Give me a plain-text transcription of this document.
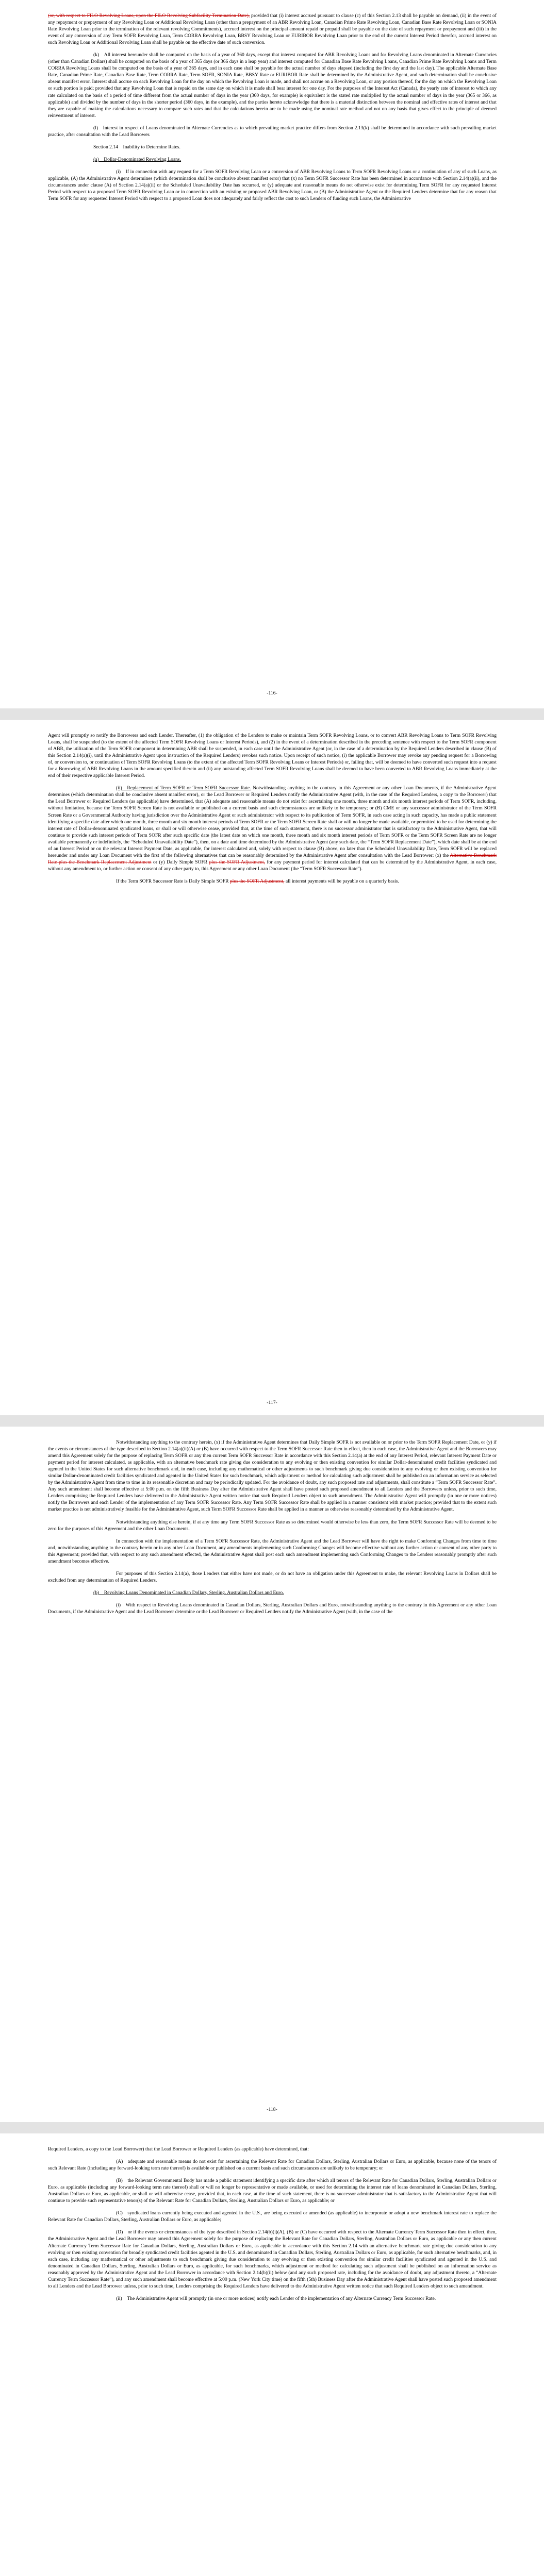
(or, with respect to FILO Revolving Loans, upon the FILO Revolving Subfacility Termination Date), provided that (i) interest accrued pursuant to clause (c) of this Section 2.13 shall be payable on demand, (ii) in the event of any repayment or prepayment of any Revolving Loan or Additional Revolving Loan (other than a prepayment of an ABR Revolving Loan, Canadian Prime Rate Revolving Loan, Canadian Base Rate Revolving Loan or SONIA Rate Revolving Loan prior to the termination of the relevant revolving Commitments), accrued interest on the principal amount repaid or prepaid shall be payable on the date of such repayment or prepayment and (iii) in the event of any conversion of any Term SOFR Revolving Loan, Term CORRA Revolving Loan, BBSY Revolving Loan or EURIBOR Revolving Loan prior to the end of the current Interest Period therefor, accrued interest on such Revolving Loan or Additional Revolving Loan shall be payable on the effective date of such conversion.

(k) All interest hereunder shall be computed on the basis of a year of 360 days, except that interest computed for ABR Revolving Loans and for Revolving Loans denominated in Alternate Currencies (other than Canadian Dollars) shall be computed on the basis of a year of 365 days (or 366 days in a leap year) and interest computed for Canadian Base Rate Revolving Loans, Canadian Prime Rate Revolving Loans and Term CORRA Revolving Loans shall be computed on the basis of a year of 365 days, and in each case shall be payable for the actual number of days elapsed (including the first day and the last day). The applicable Alternate Base Rate, Canadian Prime Rate, Canadian Base Rate, Term CORRA Rate, Term SOFR, SONIA Rate, BBSY Rate or EURIBOR Rate shall be determined by the Administrative Agent, and such determination shall be conclusive absent manifest error. Interest shall accrue on each Revolving Loan for the day on which the Revolving Loan is made, and shall not accrue on a Revolving Loan, or any portion thereof, for the day on which the Revolving Loan or such portion is paid; provided that any Revolving Loan that is repaid on the same day on which it is made shall bear interest for one day. For the purposes of the Interest Act (Canada), the yearly rate of interest to which any rate calculated on the basis of a period of time different from the actual number of days in the year (360 days, for example) is equivalent is the stated rate multiplied by the actual number of days in the year (365 or 366, as applicable) and divided by the number of days in the shorter period (360 days, in the example), and the parties hereto acknowledge that there is a material distinction between the nominal and effective rates of interest and that they are capable of making the calculations necessary to compare such rates and that the calculations herein are to be made using the nominal rate method and not on any basis that gives effect to the principle of deemed reinvestment of interest.

(l) Interest in respect of Loans denominated in Alternate Currencies as to which prevailing market practice differs from Section 2.13(k) shall be determined in accordance with such prevailing market practice, after consultation with the Lead Borrower.

Section 2.14 Inability to Determine Rates.

(a) Dollar-Denominated Revolving Loans.

(i) If in connection with any request for a Term SOFR Revolving Loan or a conversion of ABR Revolving Loans to Term SOFR Revolving Loans or a continuation of any of such Loans, as applicable, (A) the Administrative Agent determines (which determination shall be conclusive absent manifest error) that (x) no Term SOFR Successor Rate has been determined in accordance with Section 2.14(a)(ii), and the circumstances under clause (A) of Section 2.14(a)(ii) or the Scheduled Unavailability Date has occurred, or (y) adequate and reasonable means do not otherwise exist for determining Term SOFR for any requested Interest Period with respect to a proposed Term SOFR Revolving Loan or in connection with an existing or proposed ABR Revolving Loan, or (B) the Administrative Agent or the Required Lenders determine that for any reason that Term SOFR for any requested Interest Period with respect to a proposed Loan does not adequately and fairly reflect the cost to such Lenders of funding such Loans, the Administrative

-116-

Agent will promptly so notify the Borrowers and each Lender. Thereafter, (1) the obligation of the Lenders to make or maintain Term SOFR Revolving Loans, or to convert ABR Revolving Loans to Term SOFR Revolving Loans, shall be suspended (to the extent of the affected Term SOFR Revolving Loans or Interest Periods), and (2) in the event of a determination described in the preceding sentence with respect to the Term SOFR component of ABR, the utilization of the Term SOFR component in determining ABR shall be suspended, in each case until the Administrative Agent (or, in the case of a determination by the Required Lenders described in clause (B) of this Section 2.14(a)(i), until the Administrative Agent upon instruction of the Required Lenders) revokes such notice. Upon receipt of such notice, (i) the applicable Borrower may revoke any pending request for a Borrowing of, or conversion to, or continuation of Term SOFR Revolving Loans (to the extent of the affected Term SOFR Revolving Loans or Interest Periods) or, failing that, will be deemed to have converted such request into a request for a Borrowing of ABR Revolving Loans in the amount specified therein and (ii) any outstanding affected Term SOFR Revolving Loans shall be deemed to have been converted to ABR Revolving Loans immediately at the end of their respective applicable Interest Period.

(ii) Replacement of Term SOFR or Term SOFR Successor Rate. Notwithstanding anything to the contrary in this Agreement or any other Loan Documents, if the Administrative Agent determines (which determination shall be conclusive absent manifest error), or the Lead Borrower or Required Lenders notify the Administrative Agent (with, in the case of the Required Lenders, a copy to the Borrower) that the Lead Borrower or Required Lenders (as applicable) have determined, that (A) adequate and reasonable means do not exist for ascertaining one month, three month and six month interest periods of Term SOFR, including, without limitation, because the Term SOFR Screen Rate is not available or published on a current basis and such circumstances are unlikely to be temporary; or (B) CME or any successor administrator of the Term SOFR Screen Rate or a Governmental Authority having jurisdiction over the Administrative Agent or such administrator with respect to its publication of Term SOFR, in each case acting in such capacity, has made a public statement identifying a specific date after which one month, three month and six month interest periods of Term SOFR or the Term SOFR Screen Rate shall or will no longer be made available, or permitted to be used for determining the interest rate of Dollar-denominated syndicated loans, or shall or will otherwise cease, provided that, at the time of such statement, there is no successor administrator that is satisfactory to the Administrative Agent, that will continue to provide such interest periods of Term SOFR after such specific date (the latest date on which one month, three month and six month interest periods of Term SOFR or the Term SOFR Screen Rate are no longer available permanently or indefinitely, the “Scheduled Unavailability Date”), then, on a date and time determined by the Administrative Agent (any such date, the “Term SOFR Replacement Date”), which date shall be at the end of an Interest Period or on the relevant Interest Payment Date, as applicable, for interest calculated and, solely with respect to clause (B) above, no later than the Scheduled Unavailability Date, Term SOFR will be replaced hereunder and under any Loan Document with the first of the following alternatives that can be reasonably determined by the Administrative Agent after consultation with the Lead Borrower: (x) the Alternative Benchmark Rate plus the Benchmark Replacement Adjustment or (y) Daily Simple SOFR plus the SOFR Adjustment, for any payment period for interest calculated that can be determined by the Administrative Agent, in each case, without any amendment to, or further action or consent of any other party to, this Agreement or any other Loan Document (the “Term SOFR Successor Rate”).

If the Term SOFR Successor Rate is Daily Simple SOFR plus the SOFR Adjustment, all interest payments will be payable on a quarterly basis.

-117-

Notwithstanding anything to the contrary herein, (x) if the Administrative Agent determines that Daily Simple SOFR is not available on or prior to the Term SOFR Replacement Date, or (y) if the events or circumstances of the type described in Section 2.14(a)(ii)(A) or (B) have occurred with respect to the Term SOFR Successor Rate then in effect, then in each case, the Administrative Agent and the Borrowers may amend this Agreement solely for the purpose of replacing Term SOFR or any then current Term SOFR Successor Rate in accordance with this Section 2.14(a) at the end of any Interest Period, relevant Interest Payment Date or payment period for interest calculated, as applicable, with an alternative benchmark rate giving due consideration to any evolving or then existing convention for similar Dollar-denominated credit facilities syndicated and agented in the United States for such alternative benchmark and, in each case, including any mathematical or other adjustments to such benchmark giving due consideration to any evolving or then existing convention for similar Dollar-denominated credit facilities syndicated and agented in the United States for such benchmark, which adjustment or method for calculating such adjustment shall be published on an information service as selected by the Administrative Agent from time to time in its reasonable discretion and may be periodically updated. For the avoidance of doubt, any such proposed rate and adjustments, shall constitute a “Term SOFR Successor Rate”. Any such amendment shall become effective at 5:00 p.m. on the fifth Business Day after the Administrative Agent shall have posted such proposed amendment to all Lenders and the Borrowers unless, prior to such time, Lenders comprising the Required Lenders have delivered to the Administrative Agent written notice that such Required Lenders object to such amendment. The Administrative Agent will promptly (in one or more notices) notify the Borrowers and each Lender of the implementation of any Term SOFR Successor Rate. Any Term SOFR Successor Rate shall be applied in a manner consistent with market practice; provided that to the extent such market practice is not administratively feasible for the Administrative Agent, such Term SOFR Successor Rate shall be applied in a manner as otherwise reasonably determined by the Administrative Agent.

Notwithstanding anything else herein, if at any time any Term SOFR Successor Rate as so determined would otherwise be less than zero, the Term SOFR Successor Rate will be deemed to be zero for the purposes of this Agreement and the other Loan Documents.

In connection with the implementation of a Term SOFR Successor Rate, the Administrative Agent and the Lead Borrower will have the right to make Conforming Changes from time to time and, notwithstanding anything to the contrary herein or in any other Loan Document, any amendments implementing such Conforming Changes will become effective without any further action or consent of any other party to this Agreement; provided that, with respect to any such amendment effected, the Administrative Agent shall post each such amendment implementing such Conforming Changes to the Lenders reasonably promptly after such amendment becomes effective.

For purposes of this Section 2.14(a), those Lenders that either have not made, or do not have an obligation under this Agreement to make, the relevant Revolving Loans in Dollars shall be excluded from any determination of Required Lenders.

(b) Revolving Loans Denominated in Canadian Dollars, Sterling, Australian Dollars and Euro.

(i) With respect to Revolving Loans denominated in Canadian Dollars, Sterling, Australian Dollars and Euro, notwithstanding anything to the contrary in this Agreement or any other Loan Documents, if the Administrative Agent and the Lead Borrower determine or the Lead Borrower or Required Lenders notify the Administrative Agent (with, in the case of the

-118-

Required Lenders, a copy to the Lead Borrower) that the Lead Borrower or Required Lenders (as applicable) have determined, that:

(A) adequate and reasonable means do not exist for ascertaining the Relevant Rate for Canadian Dollars, Sterling, Australian Dollars or Euro, as applicable, because none of the tenors of such Relevant Rate (including any forward-looking term rate thereof) is available or published on a current basis and such circumstances are unlikely to be temporary; or

(B) the Relevant Governmental Body has made a public statement identifying a specific date after which all tenors of the Relevant Rate for Canadian Dollars, Sterling, Australian Dollars or Euro, as applicable (including any forward-looking term rate thereof) shall or will no longer be representative or made available, or used for determining the interest rate of loans denominated in Canadian Dollars, Sterling, Australian Dollars or Euro, as applicable, or shall or will otherwise cease, provided that, in each case, at the time of such statement, there is no successor administrator that is satisfactory to the Administrative Agent that will continue to provide such representative tenor(s) of the Relevant Rate for Canadian Dollars, Sterling, Australian Dollars or Euro, as applicable; or

(C) syndicated loans currently being executed and agented in the U.S., are being executed or amended (as applicable) to incorporate or adopt a new benchmark interest rate to replace the Relevant Rate for Canadian Dollars, Sterling, Australian Dollars or Euro, as applicable;

(D) or if the events or circumstances of the type described in Section 2.14(b)(i)(A), (B) or (C) have occurred with respect to the Alternate Currency Term Successor Rate then in effect, then, the Administrative Agent and the Lead Borrower may amend this Agreement solely for the purpose of replacing the Relevant Rate for Canadian Dollars, Sterling, Australian Dollars or Euro, as applicable or any then current Alternate Currency Term Successor Rate for Canadian Dollars, Sterling, Australian Dollars or Euro, as applicable in accordance with this Section 2.14 with an alternative benchmark rate giving due consideration to any evolving or then existing convention for broadly syndicated credit facilities agented in the U.S. and denominated in Canadian Dollars, Sterling, Australian Dollars or Euro, as applicable, for such alternative benchmarks, and, in each case, including any mathematical or other adjustments to such benchmark giving due consideration to any evolving or then existing convention for similar credit facilities syndicated and agented in the U.S. and denominated in Canadian Dollars, Sterling, Australian Dollars or Euro, as applicable, for such benchmarks, which adjustment or method for calculating such adjustment shall be published on an information service as reasonably approved by the Administrative Agent and the Lead Borrower in accordance with Section 2.14(b)(ii) below (and any such proposed rate, including for the avoidance of doubt, any adjustment thereto, a “Alternate Currency Term Successor Rate”), and any such amendment shall become effective at 5:00 p.m. (New York City time) on the fifth (5th) Business Day after the Administrative Agent shall have posted such proposed amendment to all Lenders and the Lead Borrower unless, prior to such time, Lenders comprising the Required Lenders have delivered to the Administrative Agent written notice that such Required Lenders object to such amendment.

(ii) The Administrative Agent will promptly (in one or more notices) notify each Lender of the implementation of any Alternate Currency Term Successor Rate.
